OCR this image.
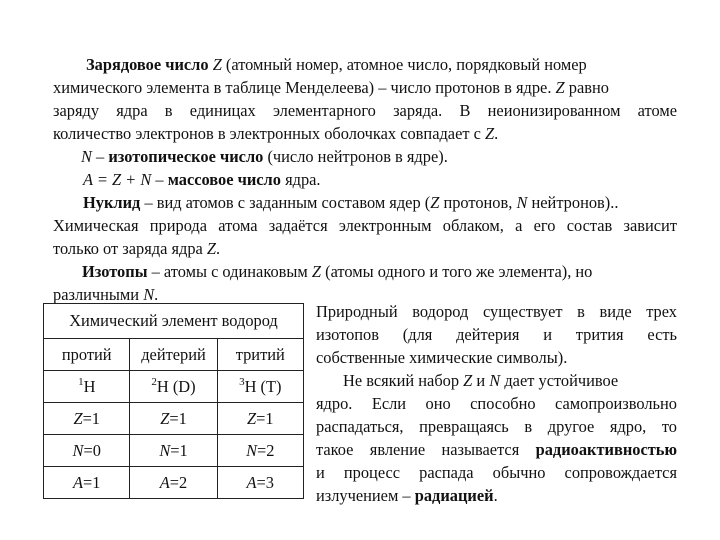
Зарядовое число Z (атомный номер, атомное число, порядковый номер
химического элемента в таблице Менделеева) – число протонов в ядре. Z равно
заряду ядра в единицах элементарного заряда. В неионизированном атоме
количество электронов в электронных оболочках совпадает с Z.
N – изотопическое число (число нейтронов в ядре).
A = Z + N – массовое число ядра.
Нуклид – вид атомов с заданным составом ядер (Z протонов, N нейтронов)..
Химическая природа атома задаётся электронным облаком, а его состав зависит
только от заряда ядра Z.
Изотопы – атомы с одинаковым Z (атомы одного и того же элемента), но
различными N.
Химический элемент водород		
протий	дейтерий	тритий
$^1$H	$^2$H (D)	$^3$H (T)
Z=1	Z=1	Z=1
N=0	N=1	N=2
A=1	A=2	A=3
Природный водород существует в виде трех
изотопов (для дейтерия и трития есть
собственные химические символы).
Не всякий набор Z и N дает устойчивое
ядро. Если оно способно самопроизвольно
распадаться, превращаясь в другое ядро, то
такое явление называется радиоактивностью
и процесс распада обычно сопровождается
излучением – радиацией.
